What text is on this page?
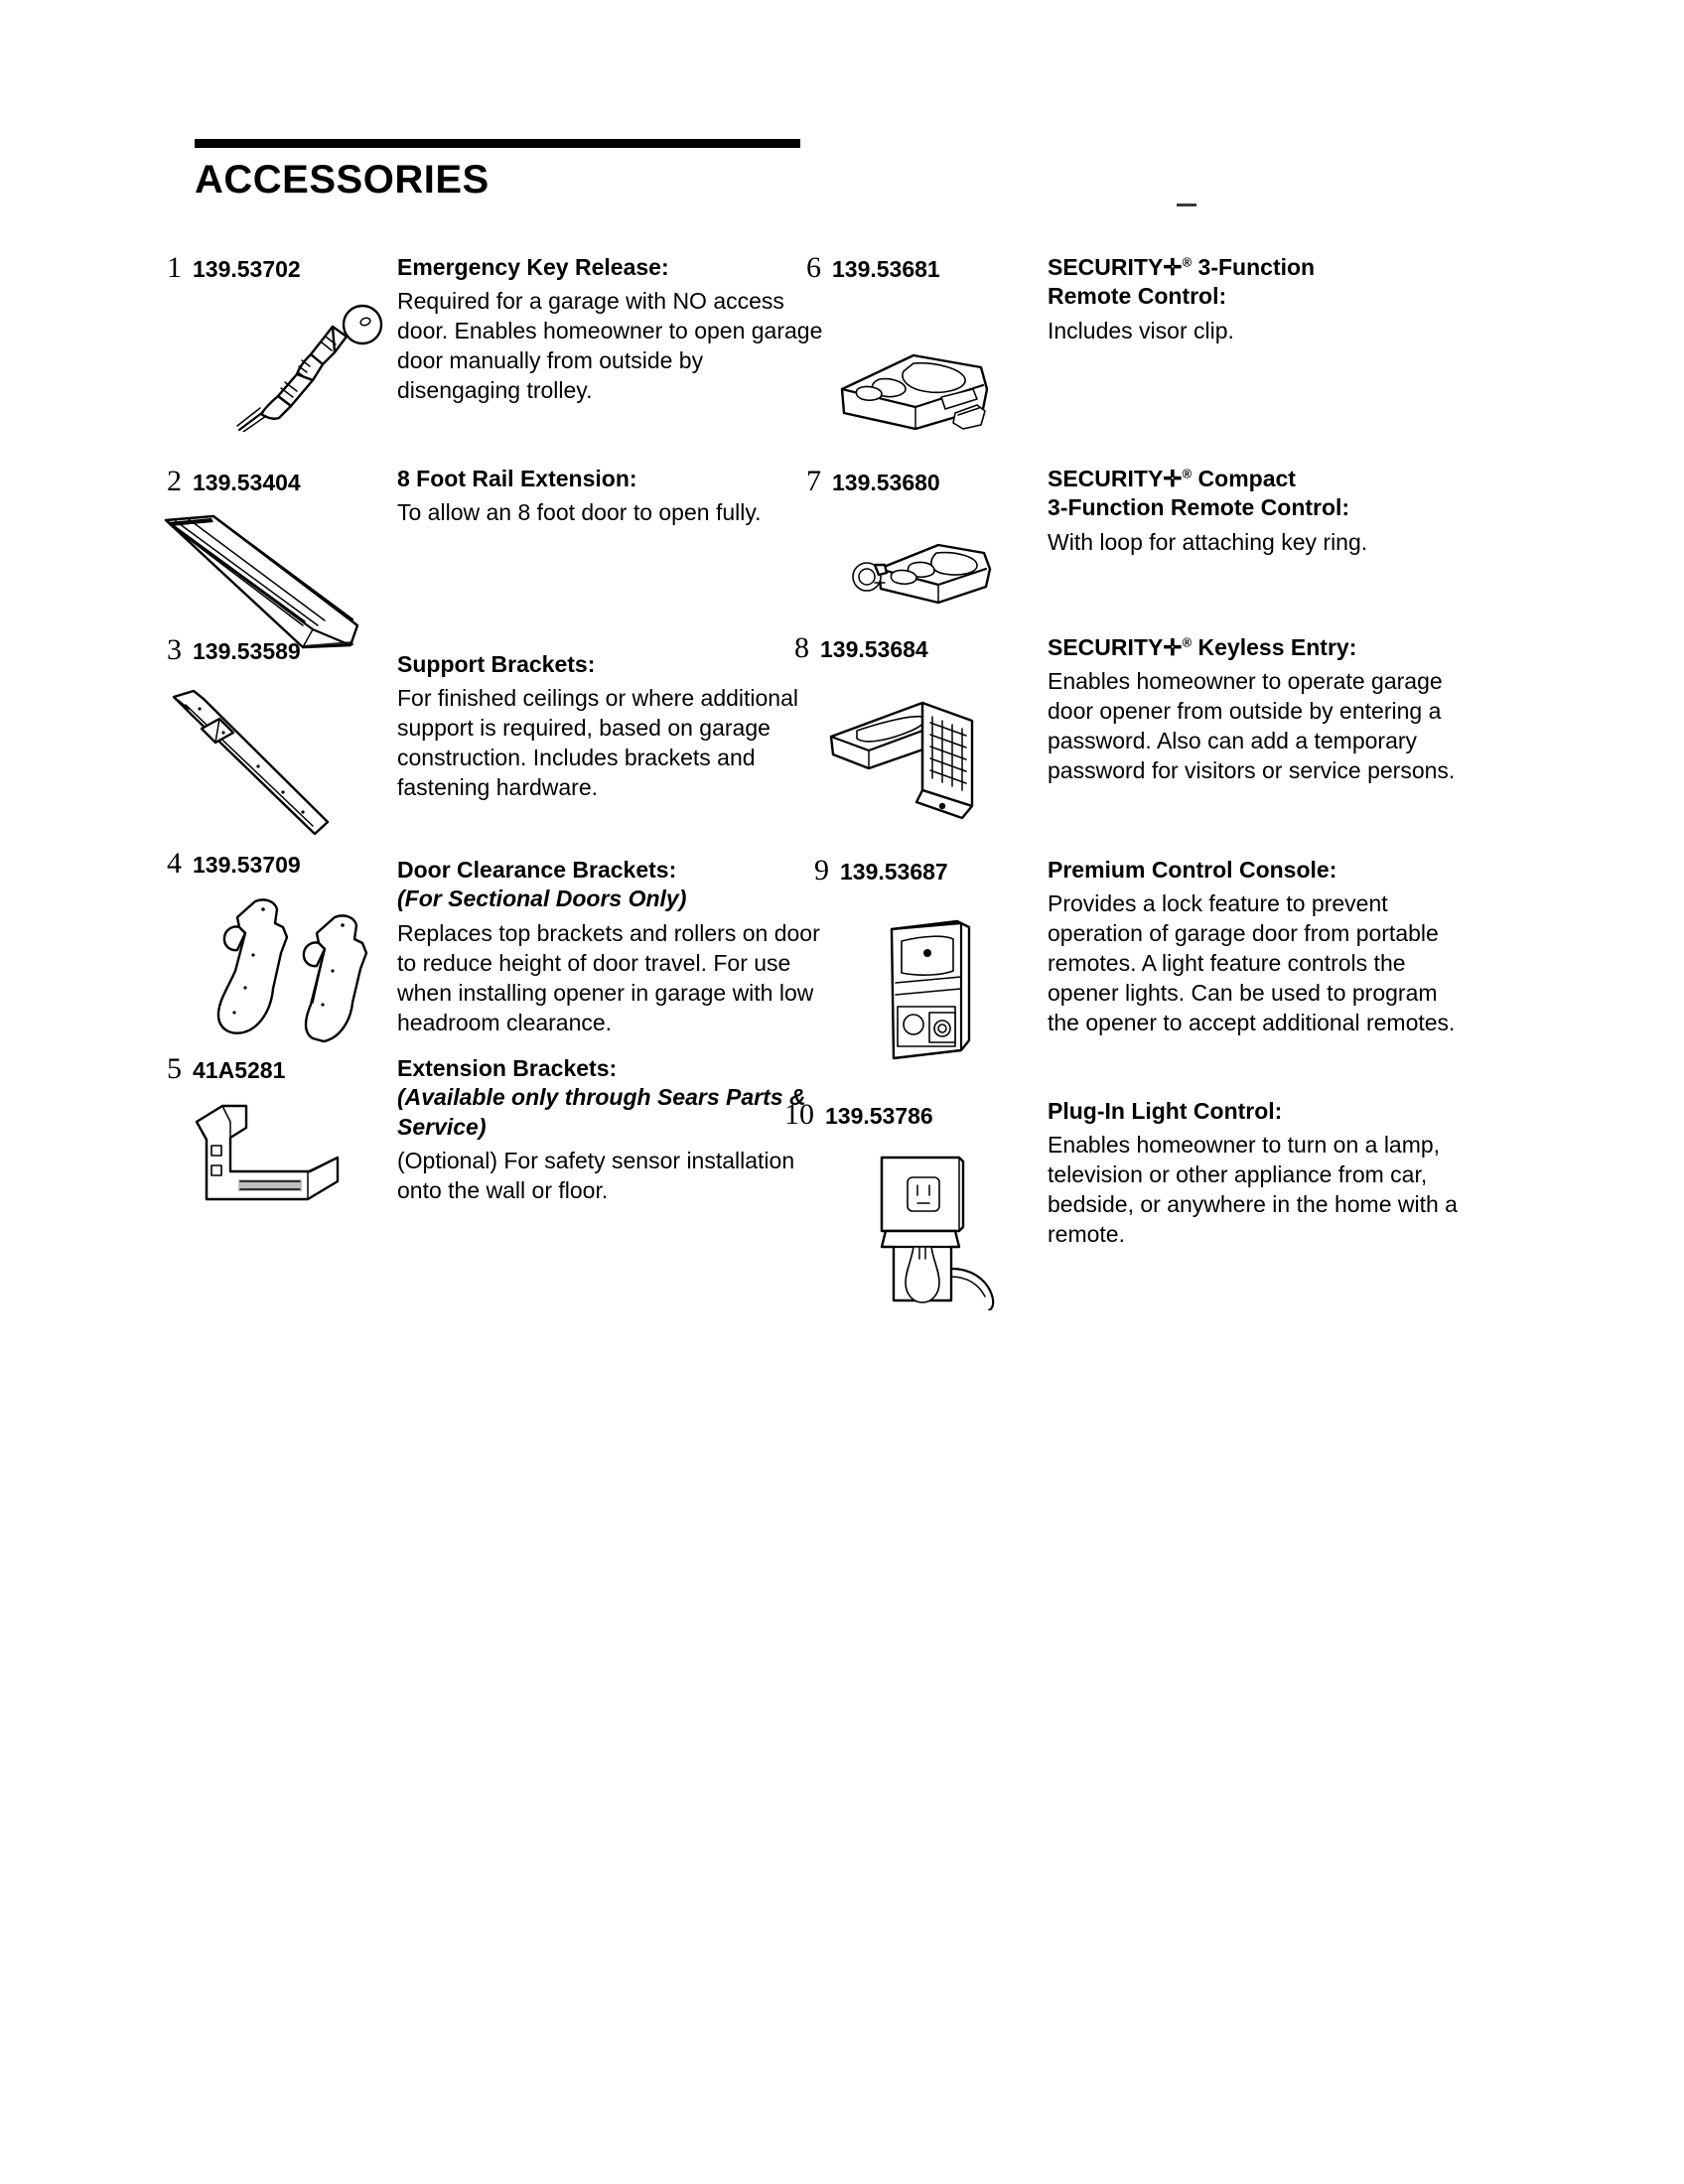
ACCESSORIES
1 139.53702	Emergency Key Release:
Required for a garage with NO access door. Enables homeowner to open garage door manually from outside by disengaging trolley.
2 139.53404	8 Foot Rail Extension:
To allow an 8 foot door to open fully.
3 139.53589	Support Brackets:
For finished ceilings or where additional support is required, based on garage construction. Includes brackets and fastening hardware.
4 139.53709	Door Clearance Brackets:
(For Sectional Doors Only)
Replaces top brackets and rollers on door to reduce height of door travel. For use when installing opener in garage with low headroom clearance.
5 41A5281	Extension Brackets:
(Available only through Sears Parts & Service)
(Optional) For safety sensor installation onto the wall or floor.
6 139.53681	SECURITY✛® 3-Function
Remote Control:
Includes visor clip.
7 139.53680	SECURITY✛® Compact
3-Function Remote Control:
With loop for attaching key ring.
8 139.53684	SECURITY✛® Keyless Entry:
Enables homeowner to operate garage door opener from outside by entering a password. Also can add a temporary password for visitors or service persons.
9 139.53687	Premium Control Console:
Provides a lock feature to prevent operation of garage door from portable remotes. A light feature controls the opener lights. Can be used to program the opener to accept additional remotes.
10 139.53786	Plug-In Light Control:
Enables homeowner to turn on a lamp, television or other appliance from car, bedside, or anywhere in the home with a remote.
